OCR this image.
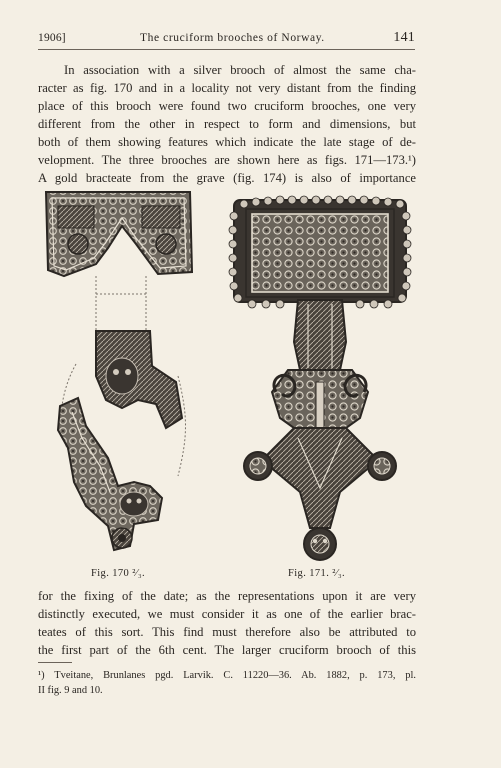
1906]	The cruciform brooches of Norway.	141
In association with a silver brooch of almost the same cha-
racter as fig. 170 and in a locality not very distant from the finding
place of this brooch were found two cruciform brooches, one very
different from the other in respect to form and dimensions, but
both of them showing features which indicate the late stage of de-
velopment. The three brooches are shown here as figs. 171—173.¹)
A gold bracteate from the grave (fig. 174) is also of importance
Fig. 170 ²⁄₃.	Fig. 171. ²⁄₃.
for the fixing of the date; as the representations upon it are very
distinctly executed, we must consider it as one of the earlier brac-
teates of this sort. This find must therefore also be attributed to
the first part of the 6th cent. The larger cruciform brooch of this
¹) Tveitane, Brunlanes pgd. Larvik. C. 11220—36. Ab. 1882, p. 173, pl.
II fig. 9 and 10.
